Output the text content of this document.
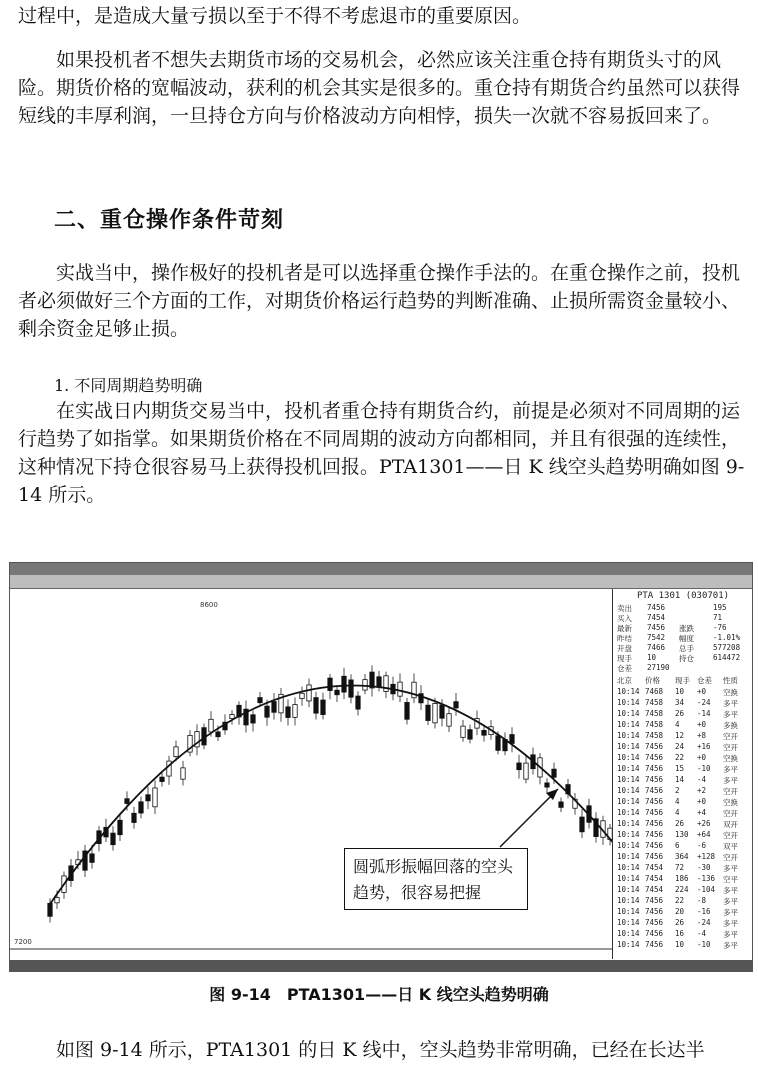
过程中，是造成大量亏损以至于不得不考虑退市的重要原因。

如果投机者不想失去期货市场的交易机会，必然应该关注重仓持有期货头寸的风险。期货价格的宽幅波动，获利的机会其实是很多的。重仓持有期货合约虽然可以获得短线的丰厚利润，一旦持仓方向与价格波动方向相悖，损失一次就不容易扳回来了。

二、重仓操作条件苛刻

实战当中，操作极好的投机者是可以选择重仓操作手法的。在重仓操作之前，投机者必须做好三个方面的工作，对期货价格运行趋势的判断准确、止损所需资金量较小、剩余资金足够止损。

1. 不同周期趋势明确

在实战日内期货交易当中，投机者重仓持有期货合约，前提是必须对不同周期的运行趋势了如指掌。如果期货价格在不同周期的波动方向都相同，并且有很强的连续性，这种情况下持仓很容易马上获得投机回报。PTA1301——日 K 线空头趋势明确如图 9-14 所示。

7200
8600
圆弧形振幅回落的空头趋势，很容易把握
PTA 1301 (030701)
卖出 7456	195
买入 7454	71
最新 7456 涨跌	-76
昨结 7542 幅度	-1.01%
开盘 7466 总手	577208
现手 10	持仓	614472
仓差 27190
北京 价格 现手 仓差 性质
10:14 7468 10 +0 空换
10:14 7458 34 -24 多平
10:14 7458 26 -14 多平
10:14 7458 4 +0 多换
10:14 7458 12 +8 空开
10:14 7456 24 +16 空开
10:14 7456 22 +0 空换
10:14 7456 15 -10 多平
10:14 7456 14 -4 多平
10:14 7456 2 +2 空开
10:14 7456 4 +0 空换
10:14 7456 4 +4 空开
10:14 7456 26 +26 双开
10:14 7456 130 +64 空开
10:14 7456 6 -6 双平
10:14 7456 364 +128 空开
10:14 7454 72 -30 多平
10:14 7454 186 -136 空平
10:14 7454 224 -104 多平
10:14 7456 22 -8 多平
10:14 7456 20 -16 多平
10:14 7456 26 -24 多平
10:14 7456 16 -4 多平
10:14 7456 10 -10 多平
图 9-14　PTA1301——日 K 线空头趋势明确

如图 9-14 所示，PTA1301 的日 K 线中，空头趋势非常明确，已经在长达半
